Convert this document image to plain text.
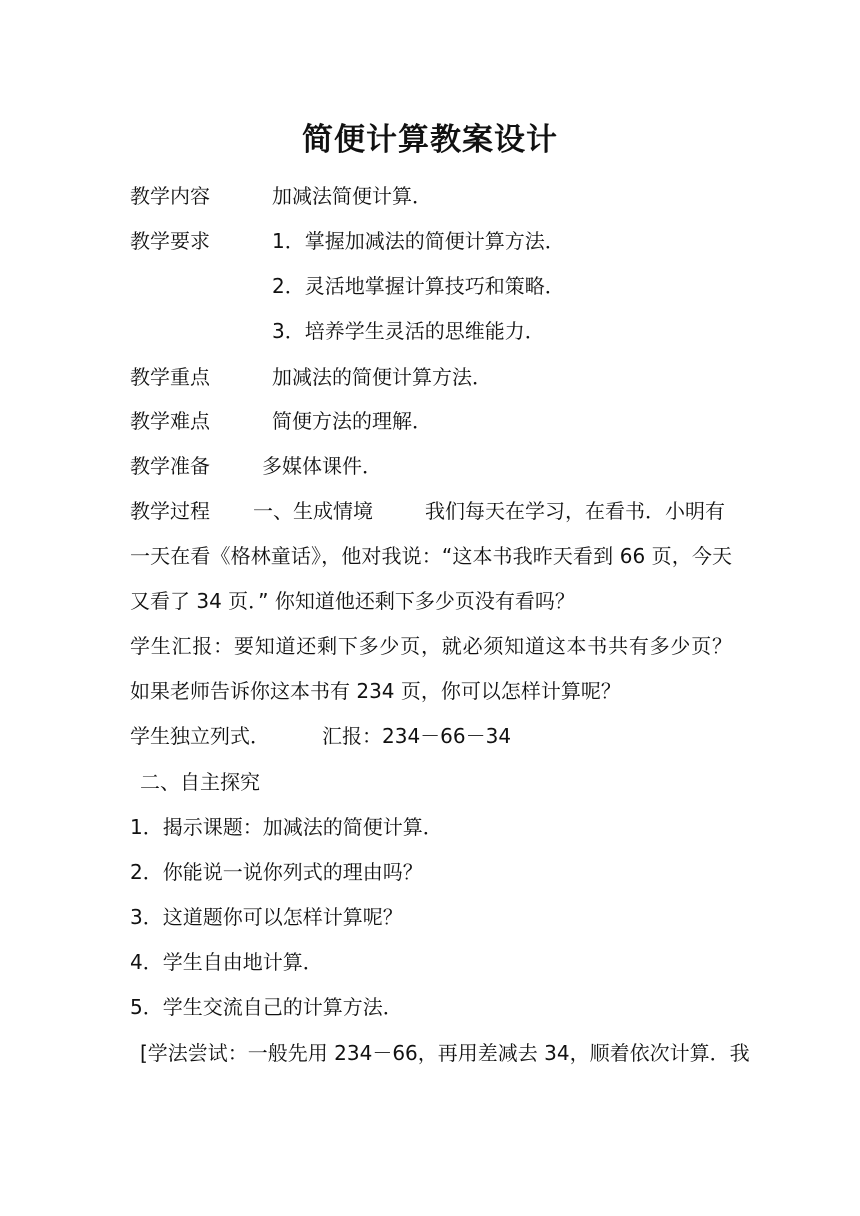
简便计算教案设计
教学内容	加减法简便计算．
教学要求	1．掌握加减法的简便计算方法．
2．灵活地掌握计算技巧和策略．
3．培养学生灵活的思维能力．
教学重点	加减法的简便计算方法．
教学难点	简便方法的理解．
教学准备	多媒体课件．
教学过程 一、生成情境	我们每天在学习，在看书．小明有
一天在看《格林童话》，他对我说：“这本书我昨天看到 66 页，今天
又看了 34 页．” 你知道他还剩下多少页没有看吗？
学生汇报：要知道还剩下多少页，就必须知道这本书共有多少页？
如果老师告诉你这本书有 234 页，你可以怎样计算呢？
学生独立列式．	汇报：234－66－34
二、自主探究
1．揭示课题：加减法的简便计算．
2．你能说一说你列式的理由吗？
3．这道题你可以怎样计算呢？
4．学生自由地计算．
5．学生交流自己的计算方法．
[学法尝试：一般先用 234－66，再用差减去 34，顺着依次计算．我
